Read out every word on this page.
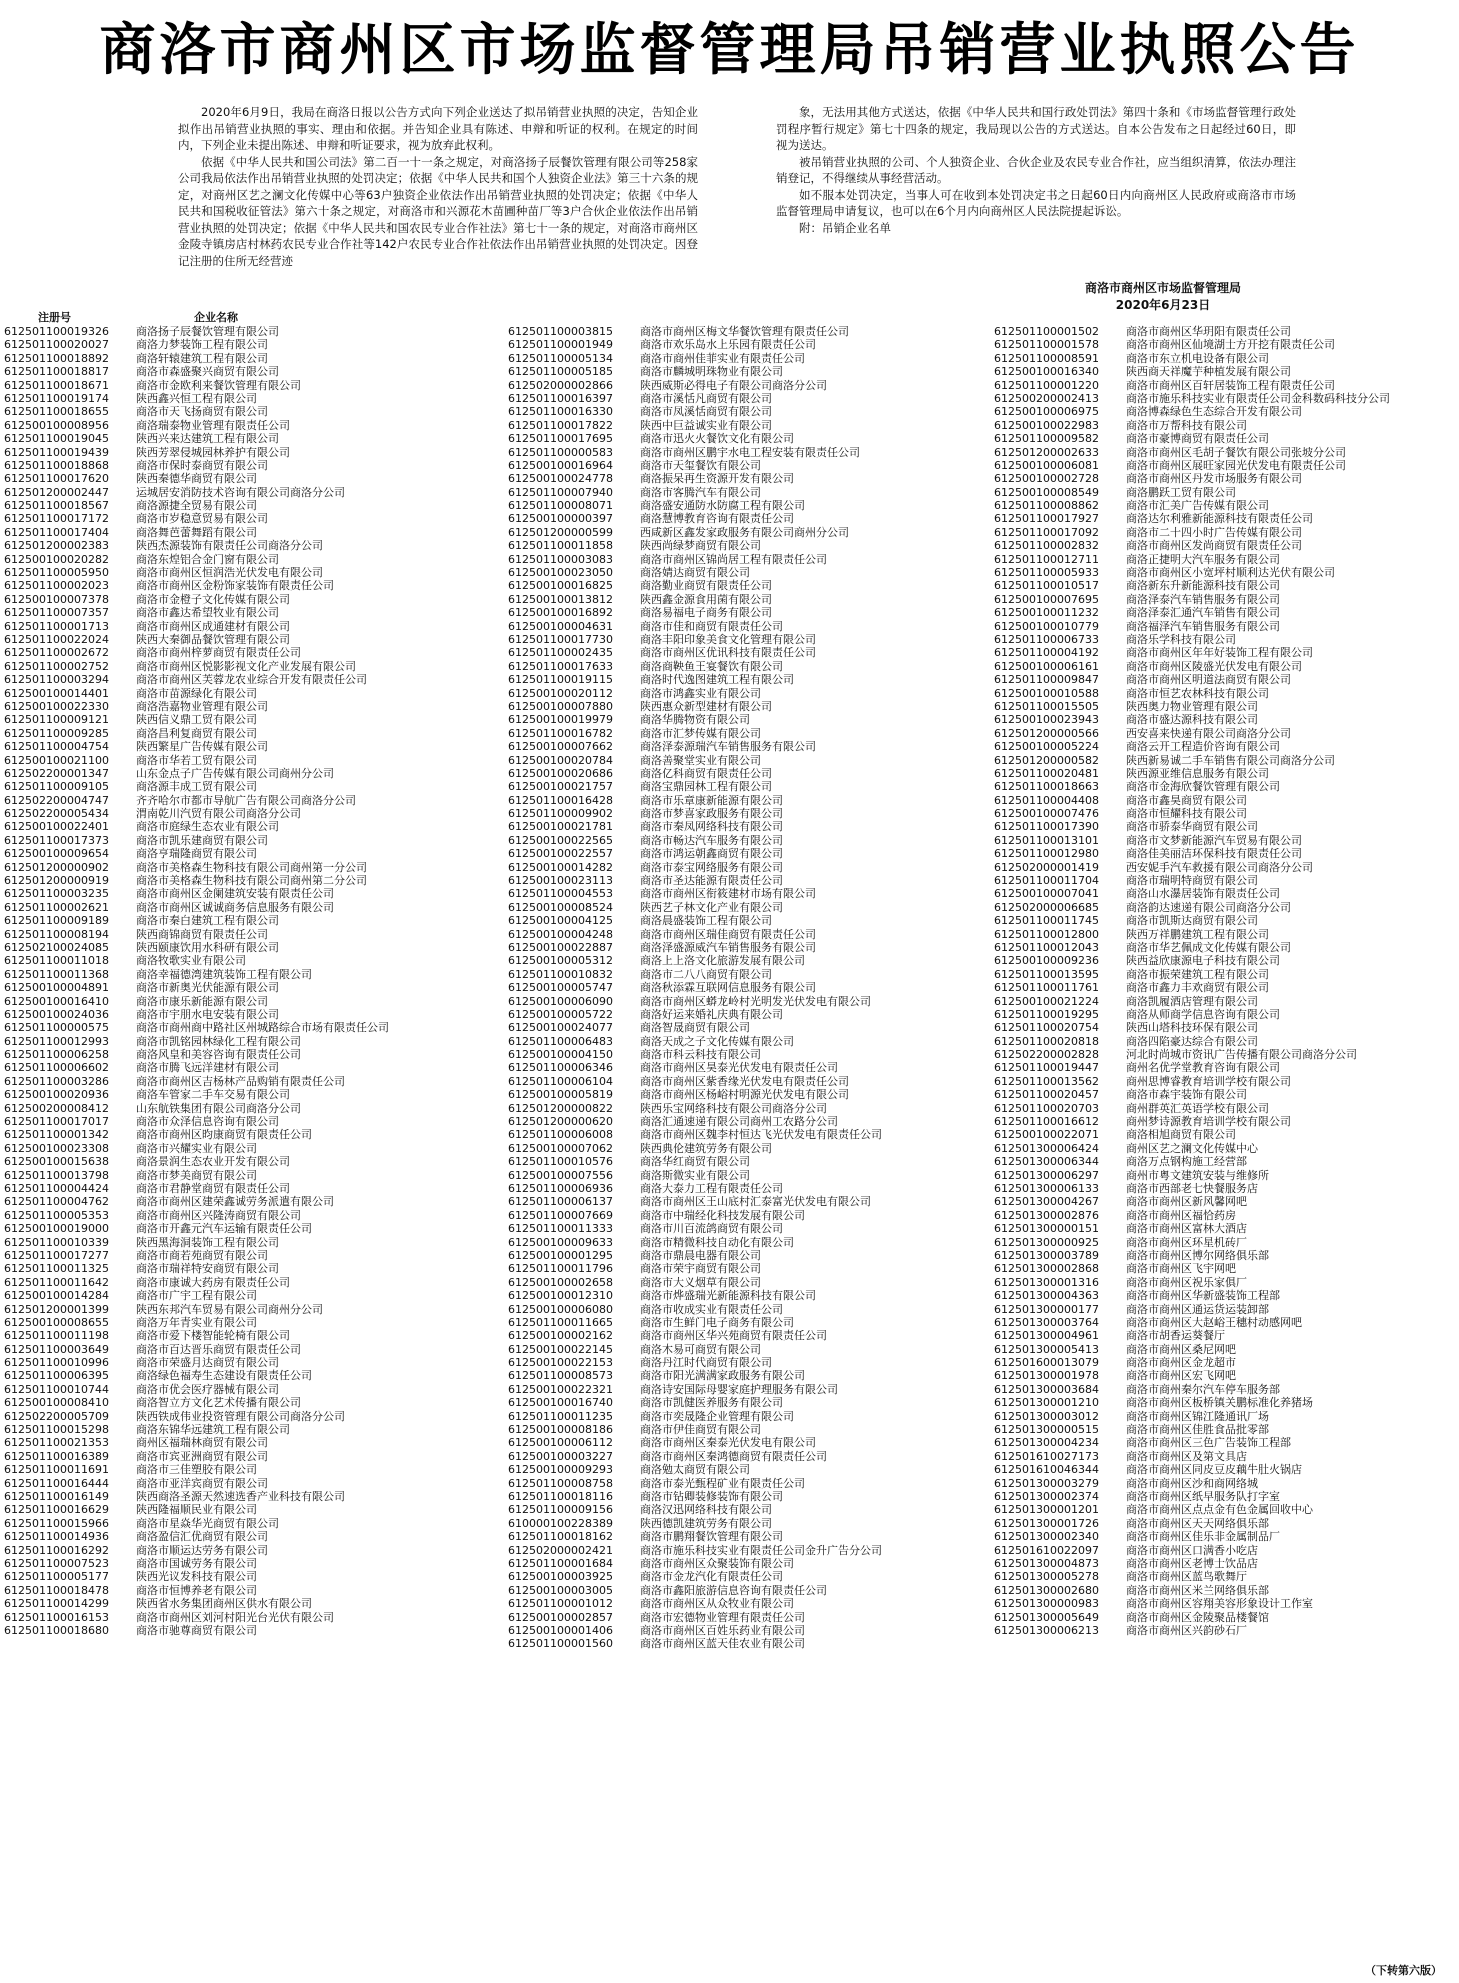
商洛市商州区市场监督管理局吊销营业执照公告

2020年6月9日，我局在商洛日报以公告方式向下列企业送达了拟吊销营业执照的决定，告知企业拟作出吊销营业执照的事实、理由和依据。并告知企业具有陈述、申辩和听证的权利。在规定的时间内，下列企业未提出陈述、申辩和听证要求，视为放弃此权利。

依据《中华人民共和国公司法》第二百一十一条之规定，对商洛扬子辰餐饮管理有限公司等258家公司我局依法作出吊销营业执照的处罚决定；依据《中华人民共和国个人独资企业法》第三十六条的规定，对商州区艺之澜文化传媒中心等63户独资企业依法作出吊销营业执照的处罚决定；依据《中华人民共和国税收征管法》第六十条之规定，对商洛市和兴源花木苗圃种苗厂等3户合伙企业依法作出吊销营业执照的处罚决定；依据《中华人民共和国农民专业合作社法》第七十一条的规定，对商洛市商州区金陵寺镇房店村林药农民专业合作社等142户农民专业合作社依法作出吊销营业执照的处罚决定。因登记注册的住所无经营迹

象，无法用其他方式送达，依据《中华人民共和国行政处罚法》第四十条和《市场监督管理行政处罚程序暂行规定》第七十四条的规定，我局现以公告的方式送达。自本公告发布之日起经过60日，即视为送达。

被吊销营业执照的公司、个人独资企业、合伙企业及农民专业合作社，应当组织清算，依法办理注销登记，不得继续从事经营活动。

如不服本处罚决定，当事人可在收到本处罚决定书之日起60日内向商州区人民政府或商洛市市场监督管理局申请复议，也可以在6个月内向商州区人民法院提起诉讼。

附：吊销企业名单

商洛市商州区市场监督管理局
2020年6月23日
注册号	企业名称
612501100019326	商洛扬子辰餐饮管理有限公司
612501100020027	商洛力梦装饰工程有限公司
612501100018892	商洛轩辕建筑工程有限公司
612501100018817	商洛市森盛聚兴商贸有限公司
612501100018671	商洛市金欧利来餐饮管理有限公司
612501100019174	陕西鑫兴恒工程有限公司
612501100018655	商洛市天飞扬商贸有限公司
612500100008956	商洛瑞泰物业管理有限责任公司
612501100019045	陕西兴来达建筑工程有限公司
612501100019439	陕西芳翠侵城园林养护有限公司
612501100018868	商洛市保时泰商贸有限公司
612501100017620	陕西秦德华商贸有限公司
612501200002447	运城居安消防技术咨询有限公司商洛分公司
612501100018567	商洛源捷全贸易有限公司
612501100017172	商洛市岁稳意贸易有限公司
612501100017404	商洛舞芭蕾舞蹈有限公司
612501200002383	陕西杰源装饰有限责任公司商洛分公司
612500100020282	商洛东煌铝合金门窗有限公司
612501100005950	商洛市商州区恒润浩光伏发电有限公司
612501100002023	商洛市商州区金粉饰家装饰有限责任公司
612500100007378	商洛市金橙子文化传媒有限公司
612501100007357	商洛市鑫达希望牧业有限公司
612501100001713	商洛市商州区成通建材有限公司
612501100022024	陕西大秦御品餐饮管理有限公司
612501100002672	商洛市商州梓萝商贸有限责任公司
612501100002752	商洛市商州区悦影影视文化产业发展有限公司
612501100003294	商洛市商州区芙蓉龙农业综合开发有限责任公司
612500100014401	商洛市苗源绿化有限公司
612500100022330	商洛浩嘉物业管理有限公司
612501100009121	陕西信义鼎工贸有限公司
612501100009285	商洛昌利复商贸有限公司
612501100004754	陕西繁星广告传媒有限公司
612500100021100	商洛市华若工贸有限公司
612502200001347	山东金点子广告传媒有限公司商州分公司
612501100009105	商洛源丰成工贸有限公司
612502200004747	齐齐哈尔市都市导航广告有限公司商洛分公司
612502200005434	渭南乾川汽贸有限公司商洛分公司
612500100022401	商洛市庭绿生态农业有限公司
612501100017373	商洛市凯乐建商贸有限公司
612500100009654	商洛亨瑞隆商贸有限公司
612501200000902	商洛市美格森生物科技有限公司商州第一分公司
612501200000919	商洛市美格森生物科技有限公司商州第二分公司
612501100003235	商洛市商州区金阑建筑安装有限责任公司
612501100002621	商洛市商州区诚诚商务信息服务有限公司
612501100009189	商洛市秦白建筑工程有限公司
612501100008194	陕西商锦商贸有限责任公司
612502100024085	陕西颐康饮用水科研有限公司
612501100011018	商洛牧歌实业有限公司
612501100011368	商洛幸福德湾建筑装饰工程有限公司
612500100004891	商洛市新奥光伏能源有限公司
612500100016410	商洛市康乐新能源有限公司
612500100024036	商洛市宇朋水电安装有限公司
612501100000575	商洛市商州商中路社区州城路综合市场有限责任公司
612501100012993	商洛市凯铭园林绿化工程有限公司
612501100006258	商洛风皇和美容咨询有限责任公司
612501100006602	商洛市腾飞远洋建材有限公司
612501100003286	商洛市商州区吉杨林产品购销有限责任公司
612500100020936	商洛车管家二手车交易有限公司
612500200008412	山东航铁集团有限公司商洛分公司
612501100017017	商洛市众泽信息咨询有限公司
612501100001342	商洛市商州区昀康商贸有限责任公司
612500100023308	商洛市兴耀实业有限公司
612500100015638	商洛景润生态农业开发有限公司
612501100013798	商洛市梦美商贸有限公司
612501100004424	商洛市君静堂商贸有限责任公司
612501100004762	商洛市商州区建荣鑫诚劳务派遣有限公司
612501100005353	商洛市商州区兴隆涛商贸有限公司
612500100019000	商洛市开鑫元汽车运输有限责任公司
612501100010339	陕西黑海洞装饰工程有限公司
612501100017277	商洛市商若苑商贸有限公司
612501100011325	商洛市瑞祥特安商贸有限公司
612501100011642	商洛市康诚大药房有限责任公司
612500100014284	商洛市广宇工程有限公司
612501200001399	陕西东邦汽车贸易有限公司商州分公司
612500100008655	商洛万年青实业有限公司
612501100011198	商洛市爱下楼智能轮椅有限公司
612501100003649	商洛市百达晋乐商贸有限责任公司
612501100010996	商洛市荣盛月达商贸有限公司
612501100006395	商洛绿色福寿生态建设有限责任公司
612501100010744	商洛市优会医疗器械有限公司
612500100008410	商洛智立方文化艺术传播有限公司
612502200005709	陕西铁成伟业投资管理有限公司商洛分公司
612501100015298	商洛东锦华远建筑工程有限公司
612501100021353	商州区福瑞林商贸有限公司
612501100016389	商洛市宾亚洲商贸有限公司
612501100011691	商洛市三佳塑胶有限公司
612501100016444	商洛市亚洋宾商贸有限公司
612501100016149	陕西商洛圣源天然速选香产业科技有限公司
612501100016629	陕西隆福顺民业有限公司
612501100015966	商洛市星焱华光商贸有限公司
612501100014936	商洛盈信汇优商贸有限公司
612501100016292	商洛市顺运达劳务有限公司
612501100007523	商洛市国诚劳务有限公司
612501100005177	陕西光议发科技有限公司
612501100018478	商洛市恒博养老有限公司
612501100014299	陕西省水务集团商州区供水有限公司
612501100016153	商洛市商州区刘河村阳光台光伏有限公司
612501100018680	商洛市驰尊商贸有限公司
612501100003815	商洛市商州区梅文华餐饮管理有限责任公司
612501100001949	商洛市欢乐岛水上乐园有限责任公司
612501100005134	商洛市商州佳菲实业有限责任公司
612501100005185	商洛市麟城明珠物业有限公司
612502000002866	陕西威斯必得电子有限公司商洛分公司
612501100016397	商洛市溪恬凡商贸有限公司
612501100016330	商洛市凤溪恬商贸有限公司
612501100017822	陕西中巨益诚实业有限公司
612501100017695	商洛市迅火火餐饮文化有限公司
612501100000583	商洛市商州区鹏宇水电工程安装有限责任公司
612500100016964	商洛市天玺餐饮有限公司
612500100024778	商洛振呆再生资源开发有限公司
612501100007940	商洛市客腾汽车有限公司
612501100008071	商洛盛安通防水防腐工程有限公司
612500100000397	商洛慧博教育咨询有限责任公司
612501200000599	西咸新区鑫发家政服务有限公司商州分公司
612501100011858	陕西尚绿梦商贸有限公司
612501100003083	商洛市商州区锦尚居工程有限责任公司
612500100023050	商洛婧达商贸有限公司
612500100016825	商洛勤业商贸有限责任公司
612500100013812	陕西鑫金源食用菌有限公司
612500100016892	商洛易福电子商务有限公司
612500100004631	商洛市佳和商贸有限责任公司
612501100017730	商洛丰阳印象美食文化管理有限公司
612501100002435	商洛市商州区优讯科技有限责任公司
612501100017633	商洛商鞅鱼王宴餐饮有限公司
612501100019115	商洛时代逸图建筑工程有限公司
612500100020112	商洛市鸿鑫实业有限公司
612500100007880	陕西惠众新型建材有限公司
612500100019979	商洛华腾物资有限公司
612501100016782	商洛市汇梦传媒有限公司
612500100007662	商洛泽泰源瑞汽车销售服务有限公司
612500100020784	商洛善聚堂实业有限公司
612500100020686	商洛亿科商贸有限责任公司
612500100021757	商洛宝鼎园林工程有限公司
612501100016428	商洛市乐章康新能源有限公司
612501100009902	商洛市梦喜家政服务有限公司
612500100021781	商洛市秦凤网络科技有限公司
612500100022565	商洛市畅达汽车服务有限公司
612500100022557	商洛市鸿运朝鑫商贸有限公司
612500100014282	商洛市泰宝网络服务有限公司
612500100023113	商洛市圣达能源有限责任公司
612501100004553	商洛市商州区衔筱建材市场有限公司
612500100008524	陕西艺子林文化产业有限公司
612500100004125	商洛晨盛装饰工程有限公司
612500100004248	商洛市商州区瑞佳商贸有限责任公司
612500100022887	商洛泽盛源威汽车销售服务有限公司
612500100005312	商洛上上洛文化旅游发展有限公司
612501100010832	商洛市二八八商贸有限公司
612500100005747	商洛秋添霖互联网信息服务有限公司
612500100006090	商洛市商州区蟒龙岭村光明发光伏发电有限公司
612500100005722	商洛好运来婚礼庆典有限公司
612500100024077	商洛智晟商贸有限公司
612501100006483	商洛天成之子文化传媒有限公司
612500100004150	商洛市科云科技有限公司
612501100006346	商洛市商州区昊泰光伏发电有限责任公司
612501100006104	商洛市商州区紫香缘光伏发电有限责任公司
612500100005819	商洛市商州区杨峪村明源光伏发电有限公司
612501200000822	陕西乐宝网络科技有限公司商洛分公司
612501200000620	商洛汇通速递有限公司商州工农路分公司
612501100006008	商洛市商州区魏李村恒达飞光伏发电有限责任公司
612500100007062	陕西典伦建筑劳务有限公司
612501100010576	商洛华红商贸有限公司
612500100007556	商洛斯微实业有限公司
612501100006936	商洛大泰力工程有限责任公司
612501100006137	商洛市商州区王山底村汇泰富光伏发电有限公司
612501100007669	商洛市中瑞经化科技发展有限公司
612501100011333	商洛市川百流鸽商贸有限公司
612500100009633	商洛市精微科技自动化有限公司
612500100001295	商洛市鼎晨电器有限公司
612501100011796	商洛市荣宇商贸有限公司
612500100002658	商洛市大义烟草有限公司
612500100012310	商洛市烨盛瑞光新能源科技有限公司
612500100006080	商洛市收成实业有限责任公司
612501100011665	商洛市生鲜门电子商务有限公司
612500100002162	商洛市商州区华兴苑商贸有限责任公司
612500100022145	商洛木易可商贸有限公司
612500100022153	商洛丹江时代商贸有限公司
612501100008573	商洛市阳光满满家政服务有限公司
612500100022321	商洛诗安国际母婴家庭护理服务有限公司
612500100016740	商洛市凯健医养服务有限公司
612501100011235	商洛市奕晟隆企业管理有限公司
612500100008186	商洛市伊佳商贸有限公司
612500100006112	商洛市商州区秦泰光伏发电有限公司
612500100003227	商洛市商州区秦鸿德商贸有限责任公司
612500100009293	商洛勉太商贸有限公司
612501100008758	商洛市泰光甄程矿业有限责任公司
612501100018116	商洛市钻卿装修装饰有限公司
612501100009156	商洛汉迅网络科技有限公司
610000100228389	陕西德凯建筑劳务有限公司
612501100018162	商洛市鹏翔餐饮管理有限公司
612502000002421	商洛市施乐科技实业有限责任公司金升广告分公司
612501100001684	商洛市商州区众聚装饰有限公司
612500100003925	商洛市金龙汽化有限责任公司
612500100003005	商洛市鑫阳旅游信息咨询有限责任公司
612501100001012	商洛市商州区从众牧业有限公司
612500100002857	商洛市宏德物业管理有限责任公司
612500100001406	商洛市商州区百姓乐药业有限公司
612501100001560	商洛市商州区蓝天佳农业有限公司
612501100001502	商洛市商州区华玥阳有限责任公司
612501100001578	商洛市商州区仙境湖士方开挖有限责任公司
612501100008591	商洛市东立机电设备有限公司
612500100016340	陕西商天祥魔芋种植发展有限公司
612501100001220	商洛市商州区百轩居装饰工程有限责任公司
612500200002413	商洛市施乐科技实业有限责任公司金科数码科技分公司
612500100006975	商洛博森绿色生态综合开发有限公司
612500100022983	商洛市万帮科技有限公司
612501100009582	商洛市豪博商贸有限责任公司
612501200002633	商洛市商州区毛胡子餐饮有限公司张坡分公司
612500100006081	商洛市商州区展旺家园光伏发电有限责任公司
612500100002728	商洛市商州区丹发市场服务有限公司
612500100008549	商洛鹏跃工贸有限公司
612501100008862	商洛市汇美广告传媒有限公司
612501100017927	商洛达尔利雅新能源科技有限责任公司
612501100017092	商洛市二十四小时广告传媒有限公司
612501100002832	商洛市商州区发尚商贸有限责任公司
612501100012711	商洛正捷明大汽车服务有限公司
612501100005933	商洛市商州区小宽坪村顺利达光伏有限公司
612501100010517	商洛新东升新能源科技有限公司
612500100007695	商洛泽泰汽车销售服务有限公司
612500100011232	商洛泽泰汇通汽车销售有限公司
612500100010779	商洛福泽汽车销售服务有限公司
612501100006733	商洛乐学科技有限公司
612501100004192	商洛市商州区年年好装饰工程有限公司
612500100006161	商洛市商州区陵盛光伏发电有限公司
612501100009847	商洛市商州区明道法商贸有限公司
612500100010588	商洛市恒艺农林科技有限公司
612501100015505	陕西奥力物业管理有限公司
612500100023943	商洛市盛达源科技有限公司
612501200000566	西安喜来快递有限公司商洛分公司
612500100005224	商洛云开工程造价咨询有限公司
612501200000582	陕西新易诚二手车销售有限公司商洛分公司
612501100020481	陕西源亚维信息服务有限公司
612501100018663	商洛市金海欣餐饮管理有限公司
612501100004408	商洛市鑫昊商贸有限公司
612500100007476	商洛市恒耀科技有限公司
612501100017390	商洛市骄泰华商贸有限公司
612501100013101	商洛市文梦新能源汽车贸易有限公司
612501100012980	商洛佳美丽洁环保科技有限责任公司
612502000001419	西安妮手汽车救援有限公司商洛分公司
612501100011704	商洛市瑞明特商贸有限公司
612500100007041	商洛山水瀑居装饰有限责任公司
612502000006685	商洛韵达速递有限公司商洛分公司
612501100011745	商洛市凯斯达商贸有限公司
612501100012800	陕西万祥鹏建筑工程有限公司
612501100012043	商洛市华艺佩成文化传媒有限公司
612500100009236	陕西益欣康源电子科技有限公司
612501100013595	商洛市振荣建筑工程有限公司
612501100011761	商洛市鑫力丰欢商贸有限公司
612500100021224	商洛凯履酒店管理有限公司
612501100019295	商洛从师商学信息咨询有限公司
612501100020754	陕西山塔科技环保有限公司
612501100020818	商洛四陷豪达综合有限公司
612502200002828	河北时尚城市资讯广告传播有限公司商洛分公司
612501100019447	商州名优学堂教育咨询有限公司
612501100013562	商州思博睿教育培训学校有限公司
612501100020457	商洛市森宇装饰有限公司
612501100020703	商州群英汇英语学校有限公司
612501100016612	商州梦诗源教育培训学校有限公司
612500100022071	商洛相旭商贸有限公司
612501300006424	商州区艺之澜文化传媒中心
612501300006344	商洛万点钢构施工经营部
612501300006297	商州市粤文建筑安装与维修所
612501300006133	商洛市西部老七快餐服务店
612501300004267	商洛市商州区新风馨网吧
612501300002876	商洛市商州区福恰药房
612501300000151	商洛市商州区富林大酒店
612501300000925	商洛市商州区环星机砖厂
612501300003789	商洛市商州区博尔网络俱乐部
612501300002868	商洛市商州区飞宇网吧
612501300001316	商洛市商州区祝乐家俱厂
612501300004363	商洛市商州区华新盛装饰工程部
612501300000177	商洛市商州区通运货运装卸部
612501300003764	商洛市商州区大赵峪王穗村动感网吧
612501300004961	商洛市胡香运葵餐厅
612501300005413	商洛市商州区桑尼网吧
612501600013079	商洛市商州区金龙超市
612501300001978	商洛市商州区宏飞网吧
612501300003684	商洛市商州秦尔汽车停车服务部
612501300001210	商洛市商州区板桥镇关鹏标准化养猪场
612501300003012	商洛市商州区锦江隆通讯厂场
612501300000515	商洛市商州区佳胜食品批零部
612501300004234	商洛市商州区三色广告装饰工程部
612501610027173	商洛市商州区及第文具店
612501610046344	商洛市商州区同皮豆皮藕牛肚火锅店
612501300003279	商洛市商州区沙和商网络城
612501300002374	商洛市商州区纸早服务队打字室
612501300001201	商洛市商州区点点金有色金属回收中心
612501300001726	商洛市商州区天天网络俱乐部
612501300002340	商洛市商州区佳乐非金属制品厂
612501610022097	商洛市商州区口满香小吃店
612501300004873	商洛市商州区老博士饮品店
612501300005278	商洛市商州区蓝鸟歌舞厅
612501300002680	商洛市商州区米兰网络俱乐部
612501300000983	商洛市商州区容翔美容形象设计工作室
612501300005649	商洛市商州区金陵聚品楼餐馆
612501300006213	商洛市商州区兴韵砂石厂
（下转第六版）
